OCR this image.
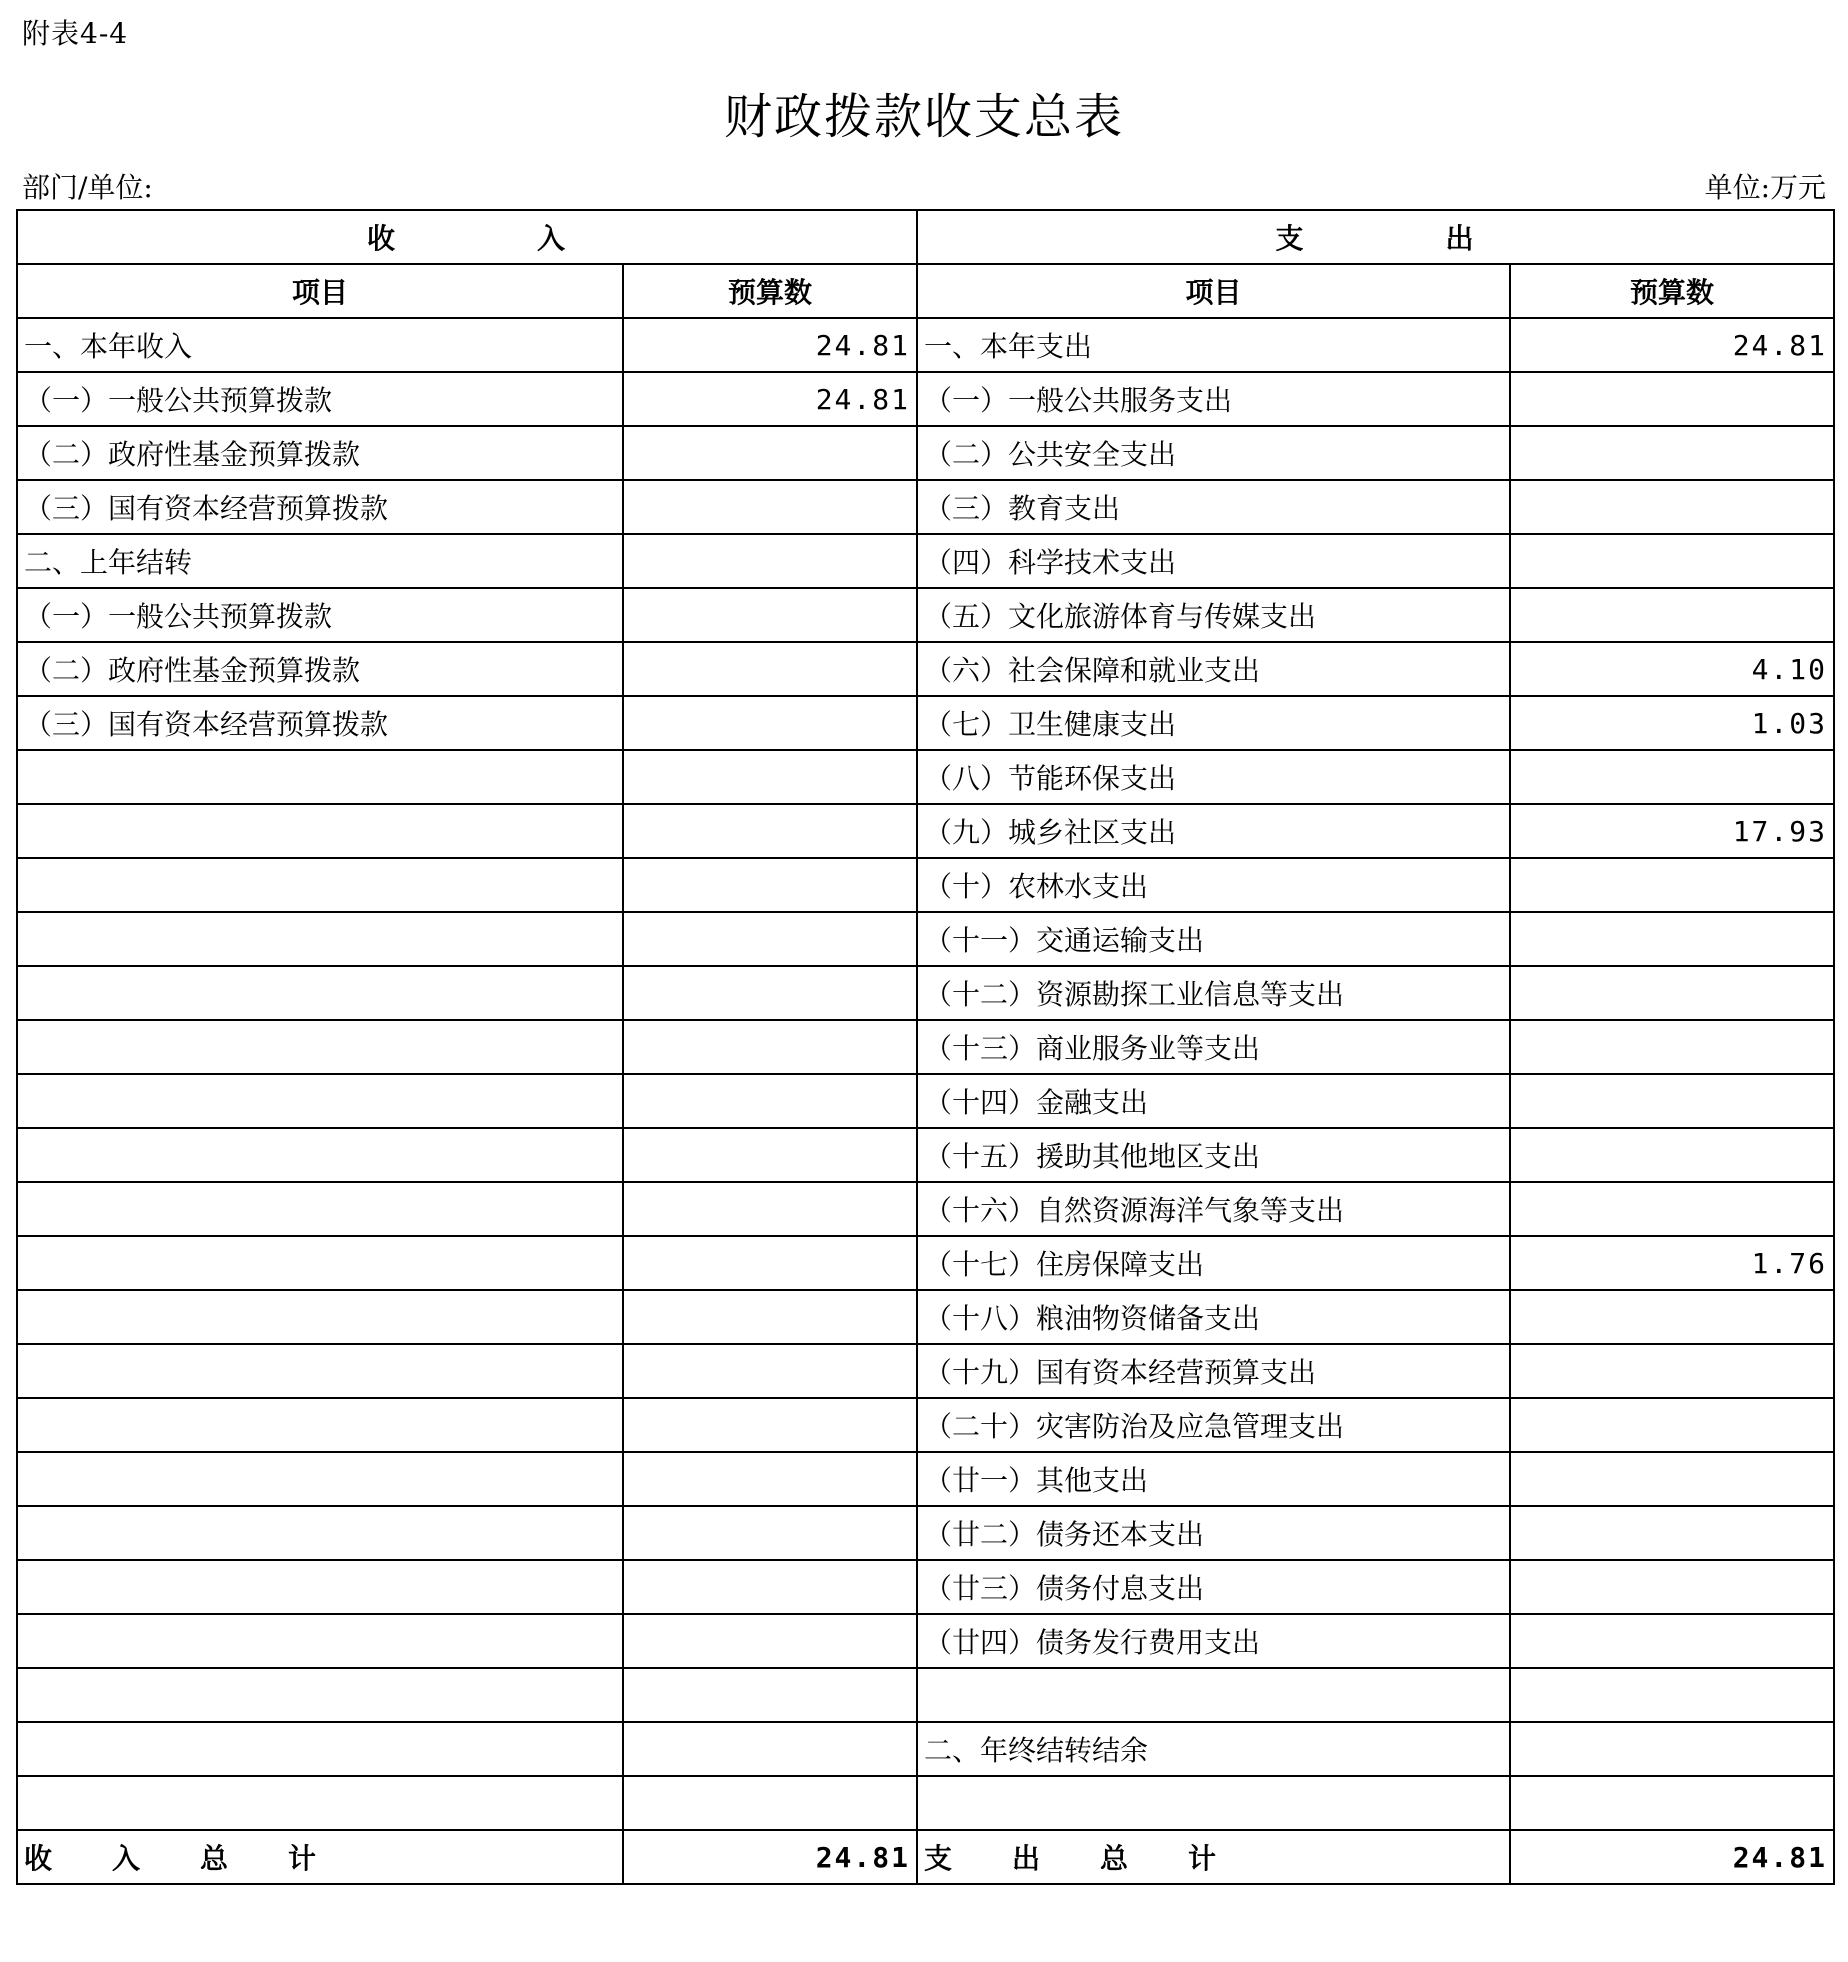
附表4-4
财政拨款收支总表
部门/单位:	单位:万元
收 入		支 出	
项目	预算数	项目	预算数
一、本年收入	24.81	一、本年支出	24.81
（一）一般公共预算拨款	24.81	（一）一般公共服务支出	
（二）政府性基金预算拨款		（二）公共安全支出	
（三）国有资本经营预算拨款		（三）教育支出	
二、上年结转		（四）科学技术支出	
（一）一般公共预算拨款		（五）文化旅游体育与传媒支出	
（二）政府性基金预算拨款		（六）社会保障和就业支出	4.10
（三）国有资本经营预算拨款		（七）卫生健康支出	1.03
		（八）节能环保支出	
		（九）城乡社区支出	17.93
		（十）农林水支出	
		（十一）交通运输支出	
		（十二）资源勘探工业信息等支出	
		（十三）商业服务业等支出	
		（十四）金融支出	
		（十五）援助其他地区支出	
		（十六）自然资源海洋气象等支出	
		（十七）住房保障支出	1.76
		（十八）粮油物资储备支出	
		（十九）国有资本经营预算支出	
		（二十）灾害防治及应急管理支出	
		（廿一）其他支出	
		（廿二）债务还本支出	
		（廿三）债务付息支出	
		（廿四）债务发行费用支出	

		二、年终结转结余	

收 入 总 计	24.81	支 出 总 计	24.81
